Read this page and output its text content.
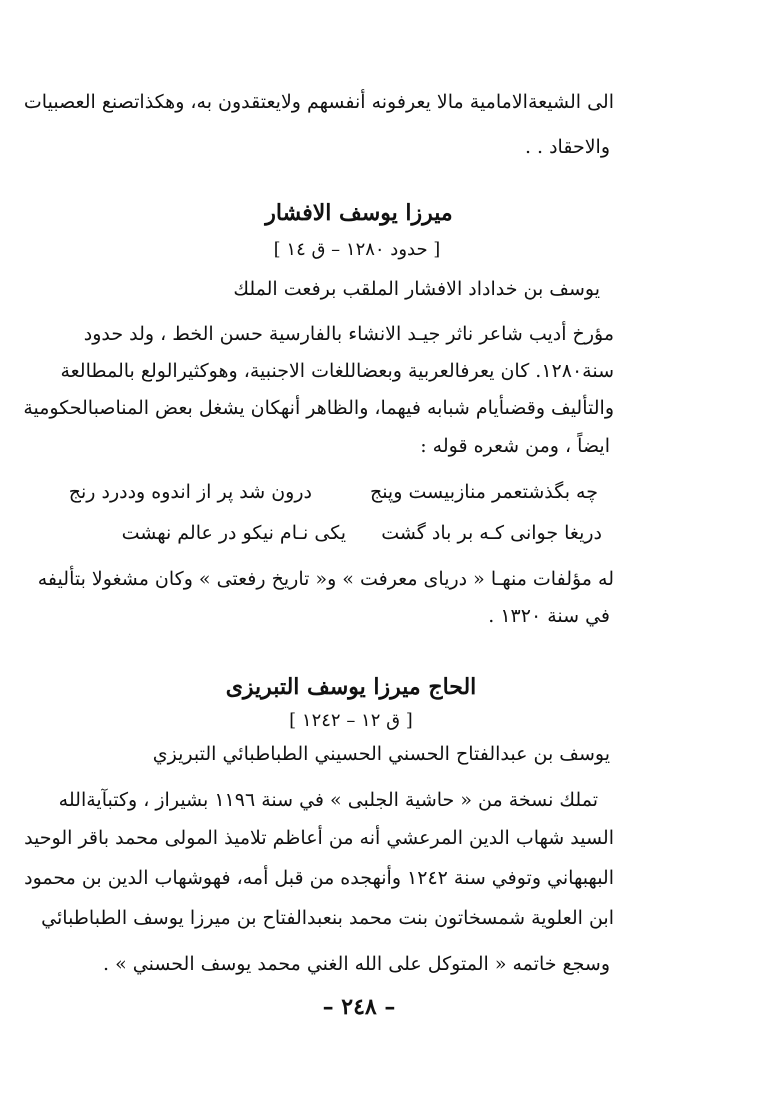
الى الشيعةالامامية مالا يعرفونه أنفسهم ولايعتقدون به، وهكذاتصنع العصبيات
والاحقاد . .
ميرزا يوسف الافشار
[ حدود ١٢٨٠ – ق ١٤ ]
يوسف بن خداداد الافشار الملقب برفعت الملك
مؤرخ أديب شاعر ناثر جيـد الانشاء بالفارسية حسن الخط ، ولد حدود
سنة١٢٨٠. كان يعرفالعربية وبعضاللغات الاجنبية، وهوكثيرالولع بالمطالعة
والتأليف وقضىأيام شبابه فيهما، والظاهر أنهكان يشغل بعض المناصبالحكومية
ايضاً ، ومن شعره قوله :
چه بگذشتعمر منازبيست وپنج
درون شد پر از اندوه وددرد رنج
دريغا جوانى كـه بر باد گشت
يكى نـام نيكو در عالم نهشت
له مؤلفات منهـا « درياى معرفت » و« تاريخ رفعتى » وكان مشغولا بتأليفه
في سنة ١٣٢٠ .
الحاج ميرزا يوسف التبريزى
[ ق ١٢ – ١٢٤٢ ]
يوسف بن عبدالفتاح الحسني الحسيني الطباطبائي التبريزي
تملك نسخة من « حاشية الجلبى » في سنة ١١٩٦ بشيراز ، وكتبآيةالله
السيد شهاب الدين المرعشي أنه من أعاظم تلاميذ المولى محمد باقر الوحيد
البهبهاني وتوفي سنة ١٢٤٢ وأنهجده من قبل أمه، فهوشهاب الدين بن محمود
ابن العلوية شمسخاتون بنت محمد بنعبدالفتاح بن ميرزا يوسف الطباطبائي
وسجع خاتمه « المتوكل على الله الغني محمد يوسف الحسني » .
– ٢٤٨ –
